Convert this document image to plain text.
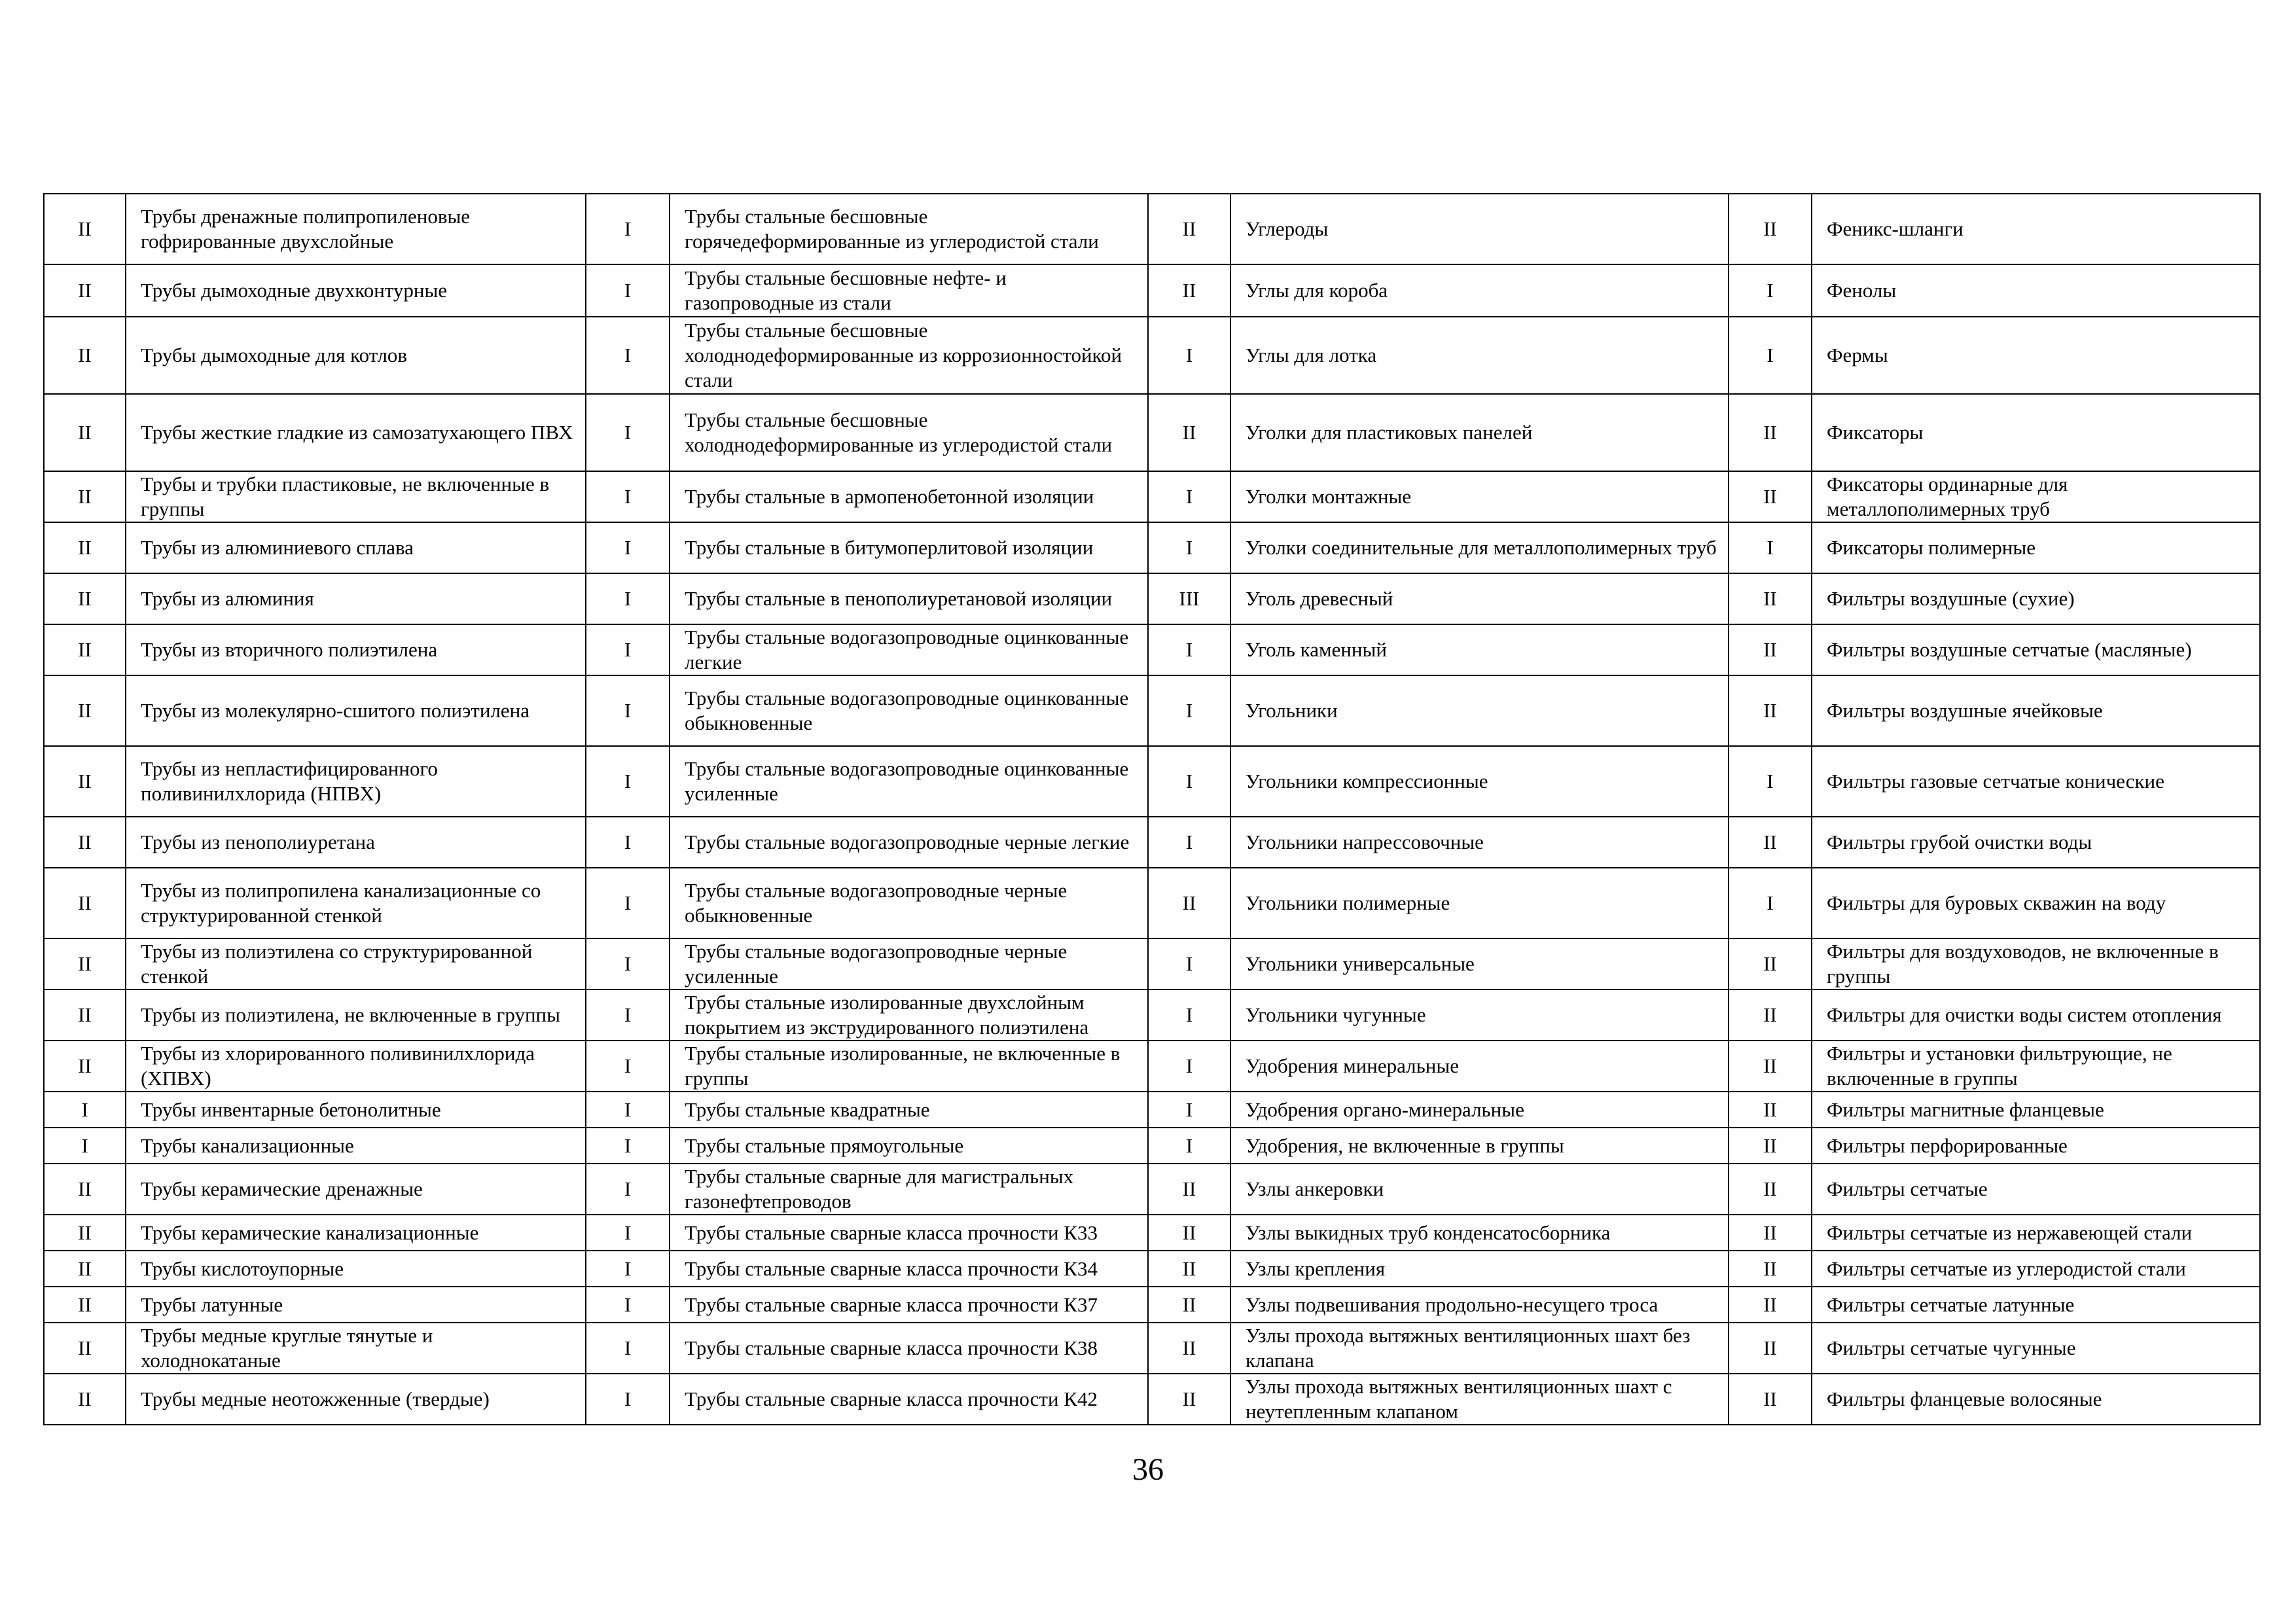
II	Трубы дренажные полипропиленовые гофрированные двухслойные	I	Трубы стальные бесшовные горячедеформированные из углеродистой стали	II	Углероды	II	Феникс-шланги
II	Трубы дымоходные двухконтурные	I	Трубы стальные бесшовные нефте- и газопроводные из стали	II	Углы для короба	I	Фенолы
II	Трубы дымоходные для котлов	I	Трубы стальные бесшовные холоднодеформированные из коррозионностойкой стали	I	Углы для лотка	I	Фермы
II	Трубы жесткие гладкие из самозатухающего ПВХ	I	Трубы стальные бесшовные холоднодеформированные из углеродистой стали	II	Уголки для пластиковых панелей	II	Фиксаторы
II	Трубы и трубки пластиковые, не включенные в группы	I	Трубы стальные в армопенобетонной изоляции	I	Уголки монтажные	II	Фиксаторы ординарные для металлополимерных труб
II	Трубы из алюминиевого сплава	I	Трубы стальные в битумоперлитовой изоляции	I	Уголки соединительные для металлополимерных труб	I	Фиксаторы полимерные
II	Трубы из алюминия	I	Трубы стальные в пенополиуретановой изоляции	III	Уголь древесный	II	Фильтры воздушные (сухие)
II	Трубы из вторичного полиэтилена	I	Трубы стальные водогазопроводные оцинкованные легкие	I	Уголь каменный	II	Фильтры воздушные сетчатые (масляные)
II	Трубы из молекулярно-сшитого полиэтилена	I	Трубы стальные водогазопроводные оцинкованные обыкновенные	I	Угольники	II	Фильтры воздушные ячейковые
II	Трубы из непластифицированного поливинилхлорида (НПВХ)	I	Трубы стальные водогазопроводные оцинкованные усиленные	I	Угольники компрессионные	I	Фильтры газовые сетчатые конические
II	Трубы из пенополиуретана	I	Трубы стальные водогазопроводные черные легкие	I	Угольники напрессовочные	II	Фильтры грубой очистки воды
II	Трубы из полипропилена канализационные со структурированной стенкой	I	Трубы стальные водогазопроводные черные обыкновенные	II	Угольники полимерные	I	Фильтры для буровых скважин на воду
II	Трубы из полиэтилена со структурированной стенкой	I	Трубы стальные водогазопроводные черные усиленные	I	Угольники универсальные	II	Фильтры для воздуховодов, не включенные в группы
II	Трубы из полиэтилена, не включенные в группы	I	Трубы стальные изолированные двухслойным покрытием из экструдированного полиэтилена	I	Угольники чугунные	II	Фильтры для очистки воды систем отопления
II	Трубы из хлорированного поливинилхлорида (ХПВХ)	I	Трубы стальные изолированные, не включенные в группы	I	Удобрения минеральные	II	Фильтры и установки фильтрующие, не включенные в группы
I	Трубы инвентарные бетонолитные	I	Трубы стальные квадратные	I	Удобрения органо-минеральные	II	Фильтры магнитные фланцевые
I	Трубы канализационные	I	Трубы стальные прямоугольные	I	Удобрения, не включенные в группы	II	Фильтры перфорированные
II	Трубы керамические дренажные	I	Трубы стальные сварные для магистральных газонефтепроводов	II	Узлы анкеровки	II	Фильтры сетчатые
II	Трубы керамические канализационные	I	Трубы стальные сварные класса прочности К33	II	Узлы выкидных труб конденсатосборника	II	Фильтры сетчатые из нержавеющей стали
II	Трубы кислотоупорные	I	Трубы стальные сварные класса прочности К34	II	Узлы крепления	II	Фильтры сетчатые из углеродистой стали
II	Трубы латунные	I	Трубы стальные сварные класса прочности К37	II	Узлы подвешивания продольно-несущего троса	II	Фильтры сетчатые латунные
II	Трубы медные круглые тянутые и холоднокатаные	I	Трубы стальные сварные класса прочности К38	II	Узлы прохода вытяжных вентиляционных шахт без клапана	II	Фильтры сетчатые чугунные
II	Трубы медные неотожженные (твердые)	I	Трубы стальные сварные класса прочности К42	II	Узлы прохода вытяжных вентиляционных шахт с неутепленным клапаном	II	Фильтры фланцевые волосяные
36
